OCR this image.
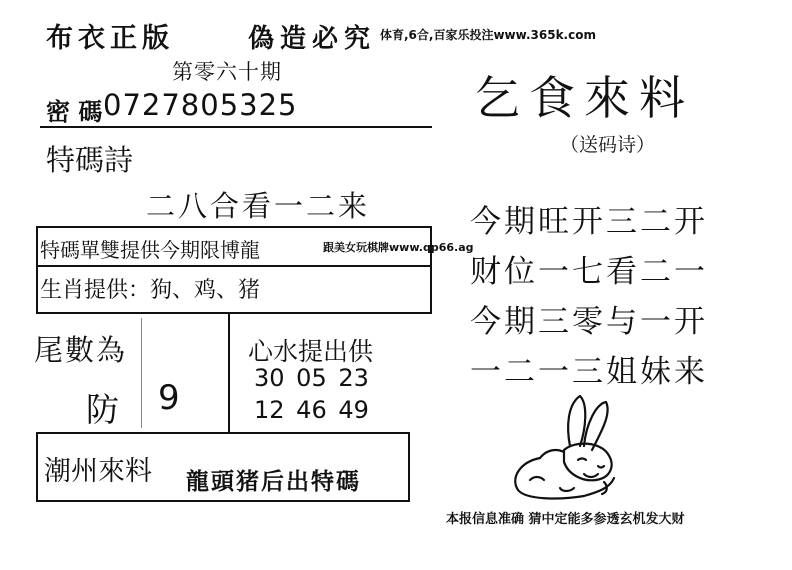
布衣正版	偽造必究 体育,6合,百家乐投注www.365k.com
第零六十期
密 碼 0727805325
特碼詩
二八合看一二来
特碼單雙提供今期限博龍	跟美女玩棋牌www.qp66.ag
生肖提供：狗、鸡、猪
尾數為
防 9
心水提出供
30 05 23
12 46 49
潮州來料 龍頭猪后出特碼
乞食來料
（送码诗）
今期旺开三二开
财位一七看二一
今期三零与一开
一二一三姐妹来
本报信息准确 猜中定能多参透玄机发大财
